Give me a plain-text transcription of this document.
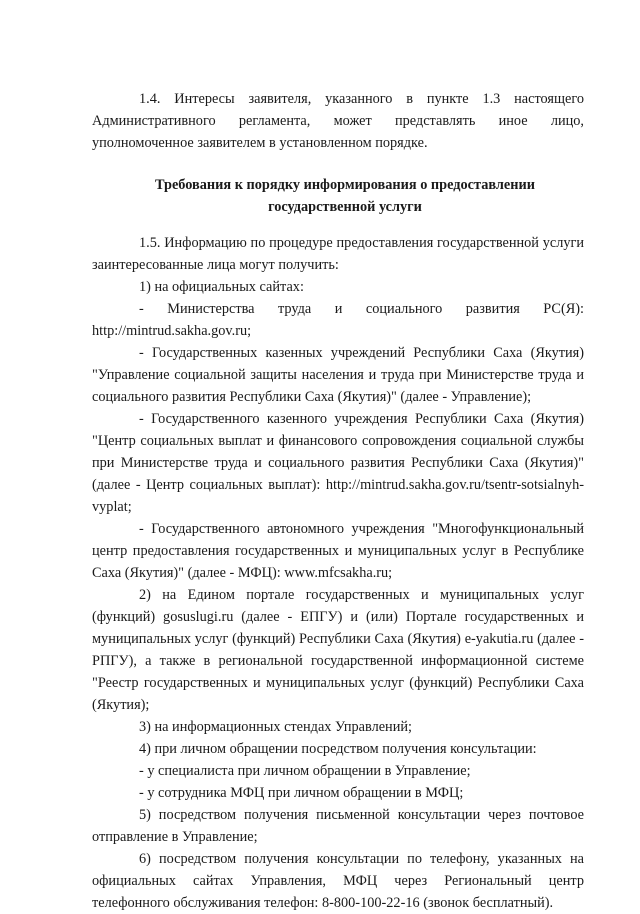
1.4. Интересы заявителя, указанного в пункте 1.3 настоящего Административного регламента, может представлять иное лицо, уполномоченное заявителем в установленном порядке.

Требования к порядку информирования о предоставлении государственной услуги

1.5. Информацию по процедуре предоставления государственной услуги заинтересованные лица могут получить:

1) на официальных сайтах:

- Министерства труда и социального развития РС(Я): http://mintrud.sakha.gov.ru;

- Государственных казенных учреждений Республики Саха (Якутия) "Управление социальной защиты населения и труда при Министерстве труда и социального развития Республики Саха (Якутия)" (далее - Управление);

- Государственного казенного учреждения Республики Саха (Якутия) "Центр социальных выплат и финансового сопровождения социальной службы при Министерстве труда и социального развития Республики Саха (Якутия)" (далее - Центр социальных выплат): http://mintrud.sakha.gov.ru/tsentr-sotsialnyh-vyplat;

- Государственного автономного учреждения "Многофункциональный центр предоставления государственных и муниципальных услуг в Республике Саха (Якутия)" (далее - МФЦ): www.mfcsakha.ru;

2) на Едином портале государственных и муниципальных услуг (функций) gosuslugi.ru (далее - ЕПГУ) и (или) Портале государственных и муниципальных услуг (функций) Республики Саха (Якутия) e-yakutia.ru (далее - РПГУ), а также в региональной государственной информационной системе "Реестр государственных и муниципальных услуг (функций) Республики Саха (Якутия);

3) на информационных стендах Управлений;

4) при личном обращении посредством получения консультации:

- у специалиста при личном обращении в Управление;

- у сотрудника МФЦ при личном обращении в МФЦ;

5) посредством получения письменной консультации через почтовое отправление в Управление;

6) посредством получения консультации по телефону, указанных на официальных сайтах Управления, МФЦ через Региональный центр телефонного обслуживания телефон: 8-800-100-22-16 (звонок бесплатный).
